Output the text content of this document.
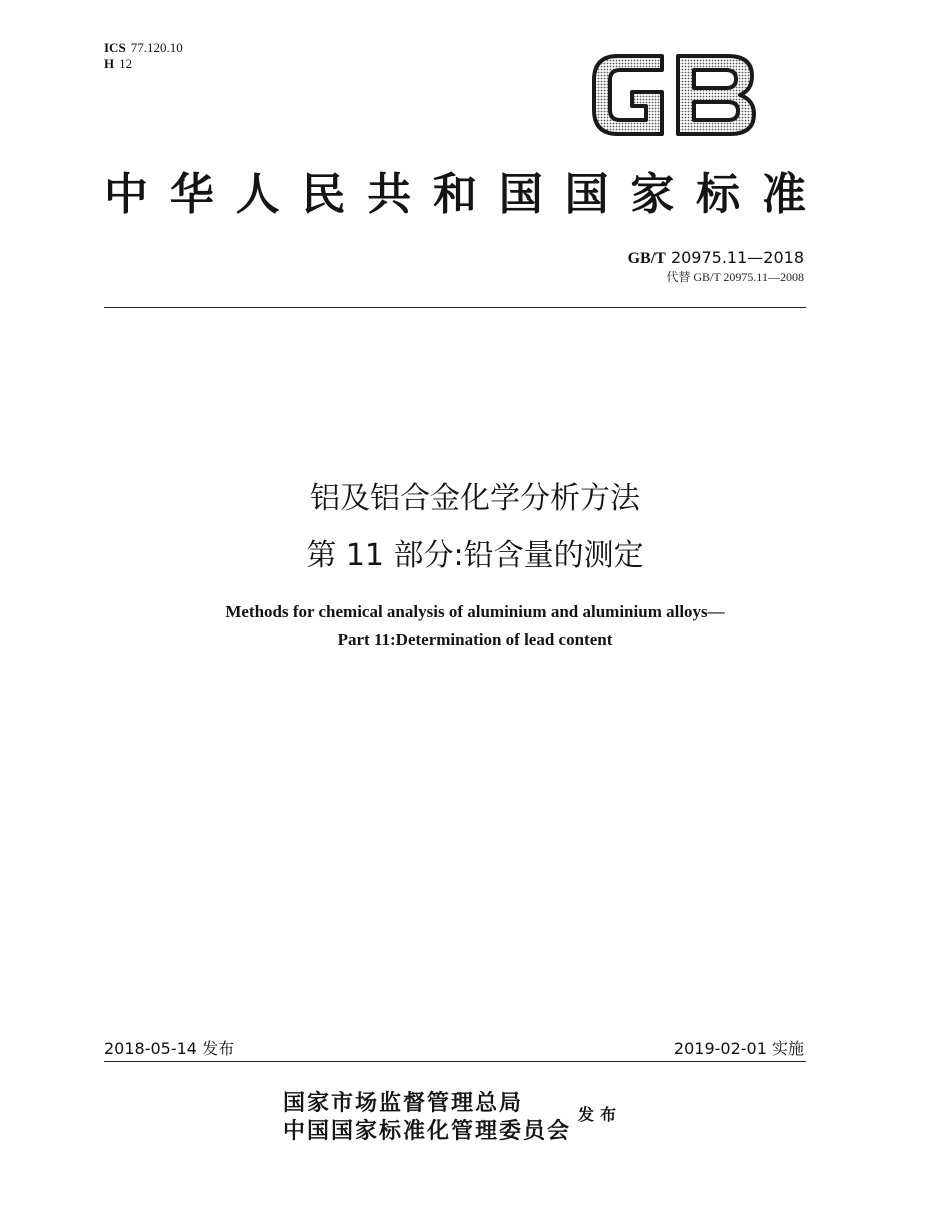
ICS 77.120.10
H 12
中 华 人 民 共 和 国 国 家 标 准
GB/T 20975.11—2018
代替 GB/T 20975.11—2008
铝及铝合金化学分析方法
第 11 部分:铅含量的测定
Methods for chemical analysis of aluminium and aluminium alloys—
Part 11:Determination of lead content
2018-05-14 发布	2019-02-01 实施
国家市场监督管理总局
中国国家标准化管理委员会
发布
